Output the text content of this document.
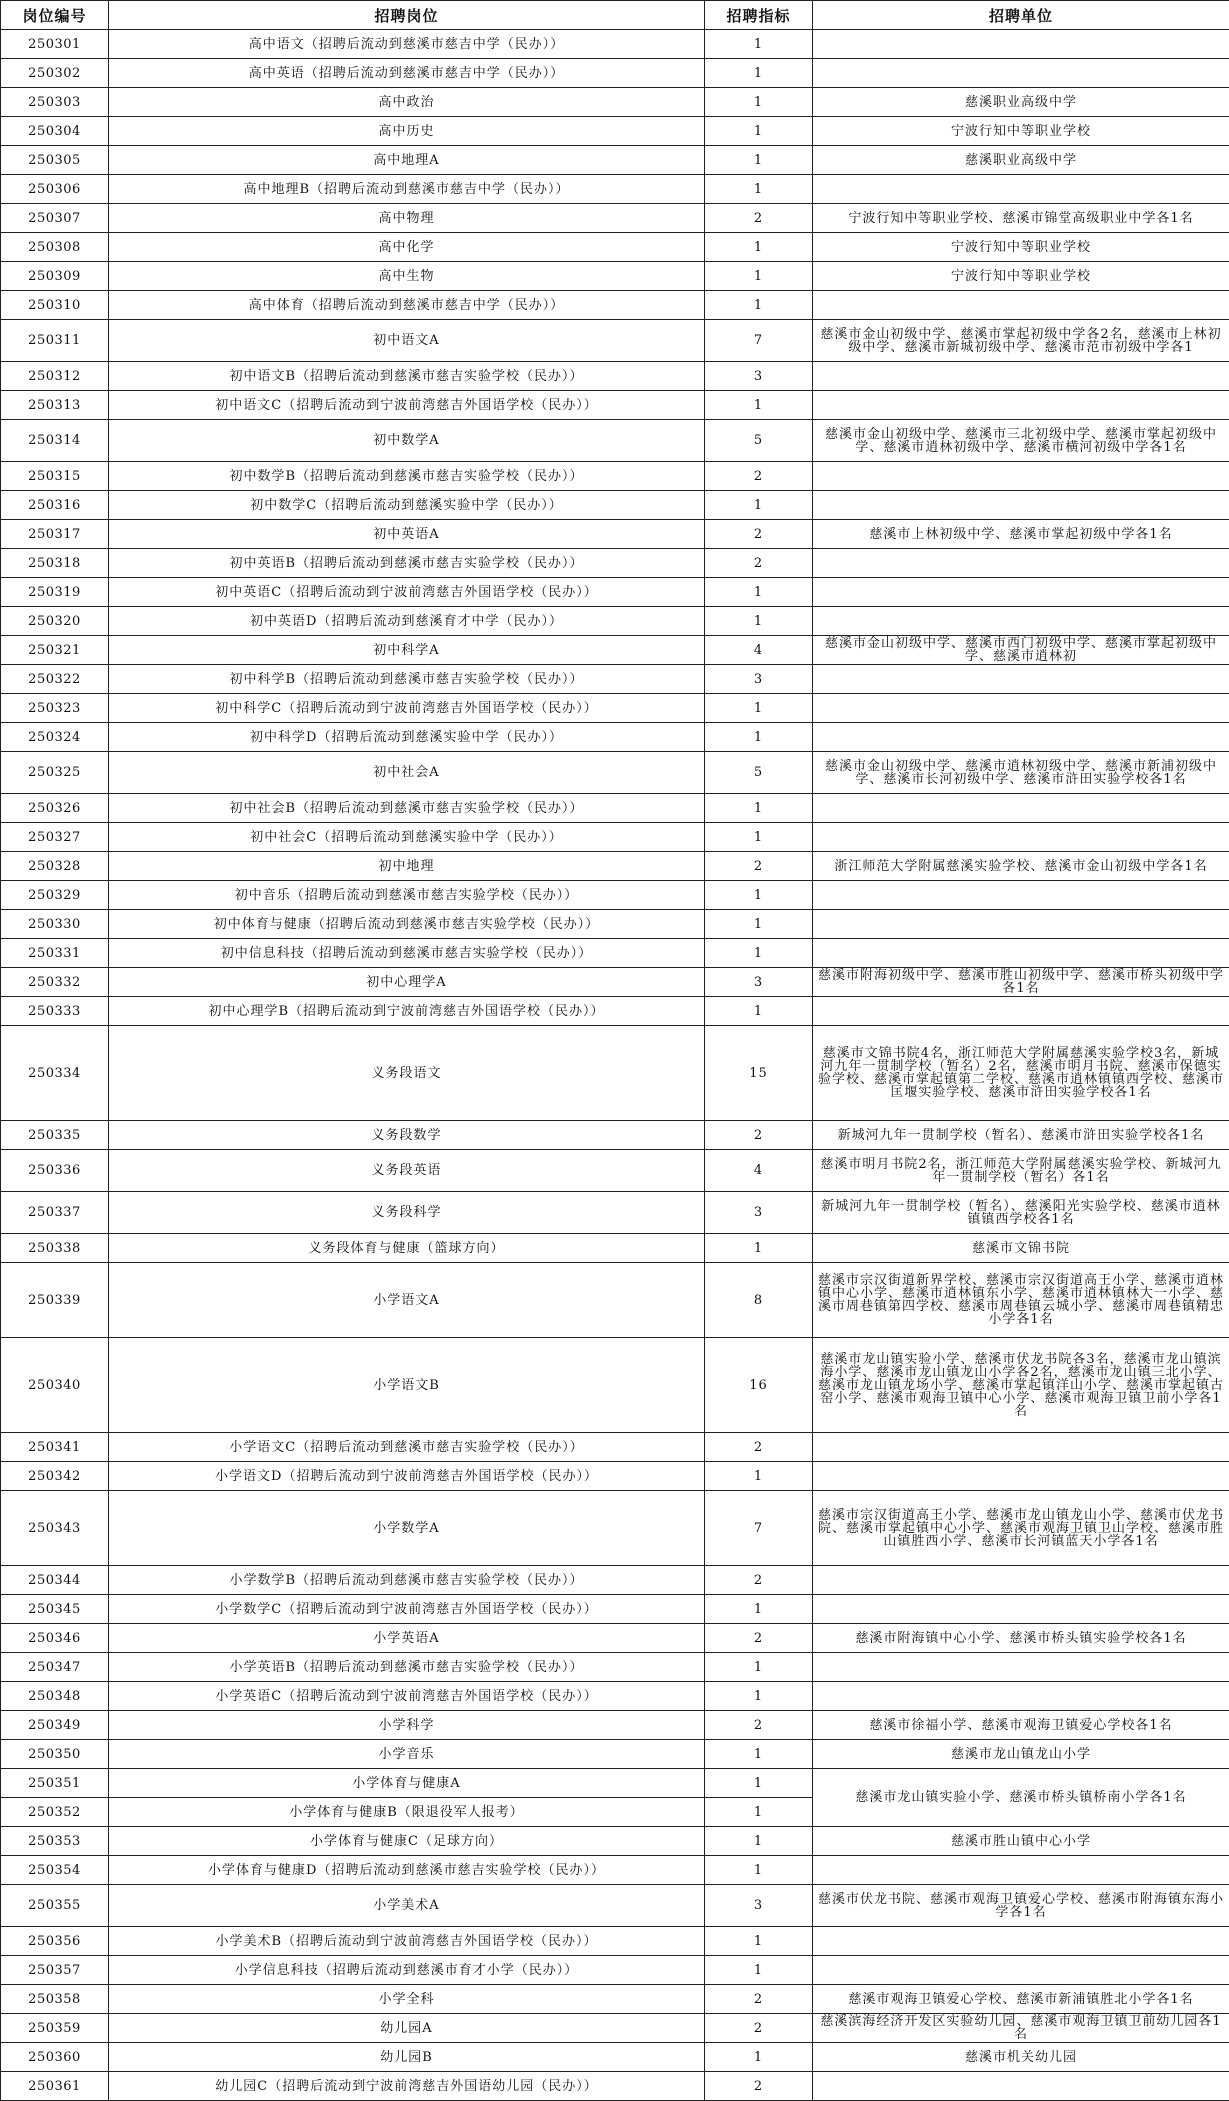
岗位编号	招聘岗位	招聘指标	招聘单位
250301	高中语文（招聘后流动到慈溪市慈吉中学（民办））	1	
250302	高中英语（招聘后流动到慈溪市慈吉中学（民办））	1	
250303	高中政治	1	慈溪职业高级中学
250304	高中历史	1	宁波行知中等职业学校
250305	高中地理A	1	慈溪职业高级中学
250306	高中地理B（招聘后流动到慈溪市慈吉中学（民办））	1	
250307	高中物理	2	宁波行知中等职业学校、慈溪市锦堂高级职业中学各1名
250308	高中化学	1	宁波行知中等职业学校
250309	高中生物	1	宁波行知中等职业学校
250310	高中体育（招聘后流动到慈溪市慈吉中学（民办））	1	
250311	初中语文A	7	慈溪市金山初级中学、慈溪市掌起初级中学各2名，慈溪市上林初级中学、慈溪市新城初级中学、慈溪市范市初级中学各1
250312	初中语文B（招聘后流动到慈溪市慈吉实验学校（民办））	3	
250313	初中语文C（招聘后流动到宁波前湾慈吉外国语学校（民办））	1	
250314	初中数学A	5	慈溪市金山初级中学、慈溪市三北初级中学、慈溪市掌起初级中学、慈溪市逍林初级中学、慈溪市横河初级中学各1名
250315	初中数学B（招聘后流动到慈溪市慈吉实验学校（民办））	2	
250316	初中数学C（招聘后流动到慈溪实验中学（民办））	1	
250317	初中英语A	2	慈溪市上林初级中学、慈溪市掌起初级中学各1名
250318	初中英语B（招聘后流动到慈溪市慈吉实验学校（民办））	2	
250319	初中英语C（招聘后流动到宁波前湾慈吉外国语学校（民办））	1	
250320	初中英语D（招聘后流动到慈溪育才中学（民办））	1	
250321	初中科学A	4	慈溪市金山初级中学、慈溪市西门初级中学、慈溪市掌起初级中学、慈溪市逍林初
250322	初中科学B（招聘后流动到慈溪市慈吉实验学校（民办））	3	
250323	初中科学C（招聘后流动到宁波前湾慈吉外国语学校（民办））	1	
250324	初中科学D（招聘后流动到慈溪实验中学（民办））	1	
250325	初中社会A	5	慈溪市金山初级中学、慈溪市逍林初级中学、慈溪市新浦初级中学、慈溪市长河初级中学、慈溪市浒田实验学校各1名
250326	初中社会B（招聘后流动到慈溪市慈吉实验学校（民办））	1	
250327	初中社会C（招聘后流动到慈溪实验中学（民办））	1	
250328	初中地理	2	浙江师范大学附属慈溪实验学校、慈溪市金山初级中学各1名
250329	初中音乐（招聘后流动到慈溪市慈吉实验学校（民办））	1	
250330	初中体育与健康（招聘后流动到慈溪市慈吉实验学校（民办））	1	
250331	初中信息科技（招聘后流动到慈溪市慈吉实验学校（民办））	1	
250332	初中心理学A	3	慈溪市附海初级中学、慈溪市胜山初级中学、慈溪市桥头初级中学各1名
250333	初中心理学B（招聘后流动到宁波前湾慈吉外国语学校（民办））	1	
250334	义务段语文	15	慈溪市文锦书院4名，浙江师范大学附属慈溪实验学校3名，新城河九年一贯制学校（暂名）2名，慈溪市明月书院、慈溪市保德实验学校、慈溪市掌起镇第二学校、慈溪市逍林镇镇西学校、慈溪市匡堰实验学校、慈溪市浒田实验学校各1名
250335	义务段数学	2	新城河九年一贯制学校（暂名）、慈溪市浒田实验学校各1名
250336	义务段英语	4	慈溪市明月书院2名，浙江师范大学附属慈溪实验学校、新城河九年一贯制学校（暂名）各1名
250337	义务段科学	3	新城河九年一贯制学校（暂名）、慈溪阳光实验学校、慈溪市逍林镇镇西学校各1名
250338	义务段体育与健康（篮球方向）	1	慈溪市文锦书院
250339	小学语文A	8	慈溪市宗汉街道新界学校、慈溪市宗汉街道高王小学、慈溪市逍林镇中心小学、慈溪市逍林镇东小学、慈溪市逍林镇林大一小学、慈溪市周巷镇第四学校、慈溪市周巷镇云城小学、慈溪市周巷镇精忠小学各1名
250340	小学语文B	16	慈溪市龙山镇实验小学、慈溪市伏龙书院各3名，慈溪市龙山镇滨海小学、慈溪市龙山镇龙山小学各2名，慈溪市龙山镇三北小学、慈溪市龙山镇龙场小学、慈溪市掌起镇洋山小学、慈溪市掌起镇古窑小学、慈溪市观海卫镇中心小学、慈溪市观海卫镇卫前小学各1名
250341	小学语文C（招聘后流动到慈溪市慈吉实验学校（民办））	2	
250342	小学语文D（招聘后流动到宁波前湾慈吉外国语学校（民办））	1	
250343	小学数学A	7	慈溪市宗汉街道高王小学、慈溪市龙山镇龙山小学、慈溪市伏龙书院、慈溪市掌起镇中心小学、慈溪市观海卫镇卫山学校、慈溪市胜山镇胜西小学、慈溪市长河镇蓝天小学各1名
250344	小学数学B（招聘后流动到慈溪市慈吉实验学校（民办））	2	
250345	小学数学C（招聘后流动到宁波前湾慈吉外国语学校（民办））	1	
250346	小学英语A	2	慈溪市附海镇中心小学、慈溪市桥头镇实验学校各1名
250347	小学英语B（招聘后流动到慈溪市慈吉实验学校（民办））	1	
250348	小学英语C（招聘后流动到宁波前湾慈吉外国语学校（民办））	1	
250349	小学科学	2	慈溪市徐福小学、慈溪市观海卫镇爱心学校各1名
250350	小学音乐	1	慈溪市龙山镇龙山小学
250351	小学体育与健康A	1	慈溪市龙山镇实验小学、慈溪市桥头镇桥南小学各1名
250352	小学体育与健康B（限退役军人报考）	1	
250353	小学体育与健康C（足球方向）	1	慈溪市胜山镇中心小学
250354	小学体育与健康D（招聘后流动到慈溪市慈吉实验学校（民办））	1	
250355	小学美术A	3	慈溪市伏龙书院、慈溪市观海卫镇爱心学校、慈溪市附海镇东海小学各1名
250356	小学美术B（招聘后流动到宁波前湾慈吉外国语学校（民办））	1	
250357	小学信息科技（招聘后流动到慈溪市育才小学（民办））	1	
250358	小学全科	2	慈溪市观海卫镇爱心学校、慈溪市新浦镇胜北小学各1名
250359	幼儿园A	2	慈溪滨海经济开发区实验幼儿园、慈溪市观海卫镇卫前幼儿园各1名
250360	幼儿园B	1	慈溪市机关幼儿园
250361	幼儿园C（招聘后流动到宁波前湾慈吉外国语幼儿园（民办））	2	
